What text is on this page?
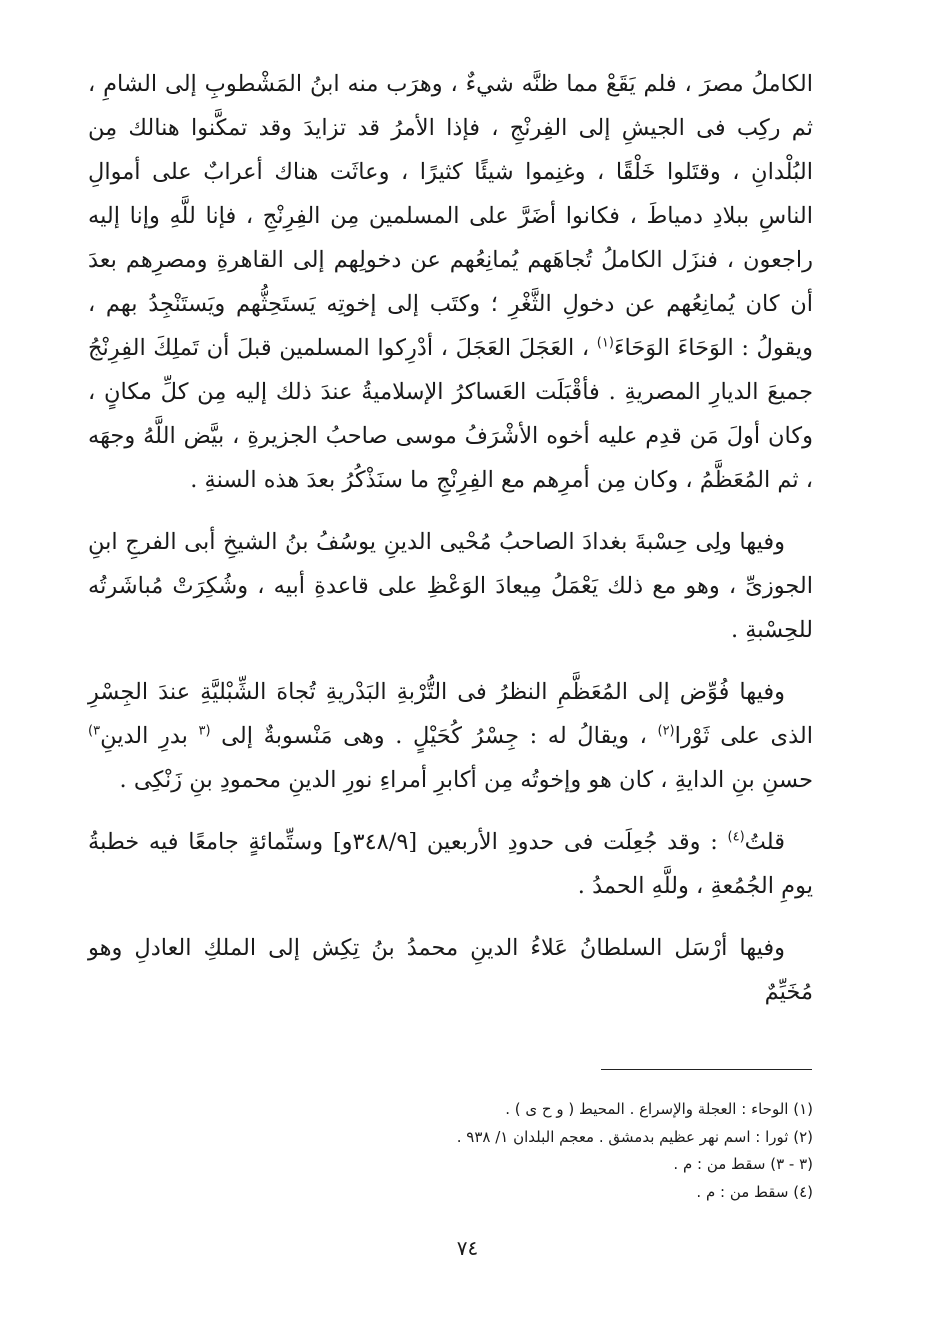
الكاملُ مصرَ ، فلم يَقَعْ مما ظنَّه شيءٌ ، وهرَب منه ابنُ المَشْطوبِ إلى الشامِ ، ثم ركِب فى الجيشِ إلى الفِرنْجِ ، فإذا الأمرُ قد تزايدَ وقد تمكَّنوا هنالك مِن البُلْدانِ ، وقتَلوا خَلْقًا ، وغنِموا شيئًا كثيرًا ، وعاثَت هناك أعرابٌ على أموالِ الناسِ ببلادِ دمياطَ ، فكانوا أضَرَّ على المسلمين مِن الفِرِنْجِ ، فإنا للَّهِ وإنا إليه راجعون ، فنزَل الكاملُ تُجاهَهم يُمانِعُهم عن دخولِهم إلى القاهرةِ ومصرِهم بعدَ أن كان يُمانِعُهم عن دخولِ الثَّغْرِ ؛ وكتَب إلى إخوتِه يَستَحِثُّهم ويَستَنْجِدُ بهم ، ويقولُ : الوَحَاءَ الوَحَاءَ$^{(١)}$ ، العَجَلَ العَجَلَ ، أدْرِكوا المسلمين قبلَ أن تَملِكَ الفِرِنْجُ جميعَ الديارِ المصريةِ . فأقْبَلَت العَساكرُ الإسلاميةُ عندَ ذلك إليه مِن كلِّ مكانٍ ، وكان أولَ مَن قدِم عليه أخوه الأشْرَفُ موسى صاحبُ الجزيرةِ ، بيَّض اللَّهُ وجهَه ، ثم المُعَظَّمُ ، وكان مِن أمرِهم مع الفِرِنْجِ ما سنَذْكُرُ بعدَ هذه السنةِ .

وفيها ولِى حِسْبةَ بغدادَ الصاحبُ مُحْيى الدينِ يوسُفُ بنُ الشيخِ أبى الفرجِ ابنِ الجوزىِّ ، وهو مع ذلك يَعْمَلُ مِيعادَ الوَعْظِ على قاعدةِ أبيه ، وشُكِرَتْ مُباشَرتُه للحِسْبةِ .

وفيها فُوِّض إلى المُعَظَّمِ النظرُ فى التُّرْبةِ البَدْريةِ تُجاهَ الشِّبْليَّةِ عندَ الجِسْرِ الذى على ثَوْرا$^{(٢)}$ ، ويقالُ له : جِسْرُ كُحَيْلٍ . وهى مَنْسوبةٌ إلى $^{(٣}$ بدرِ الدينِ$^{٣)}$ حسنِ بنِ الدايةِ ، كان هو وإخوتُه مِن أكابرِ أمراءِ نورِ الدينِ محمودِ بنِ زَنْكِى .

قلتُ$^{(٤)}$ : وقد جُعِلَت فى حدودِ الأربعين [٣٤٨/٩و] وستِّمائةٍ جامعًا فيه خطبةُ يومِ الجُمُعةِ ، وللَّهِ الحمدُ .

وفيها أرْسَل السلطانُ عَلاءُ الدينِ محمدُ بنُ تِكِش إلى الملكِ العادلِ وهو مُخَيِّمٌ

(١) الوحاء : العجلة والإسراع . المحيط ( و ح ى ) .
(٢) ثورا : اسم نهر عظيم بدمشق . معجم البلدان ١/ ٩٣٨ .
(٣ - ٣) سقط من : م .
(٤) سقط من : م .
٧٤
